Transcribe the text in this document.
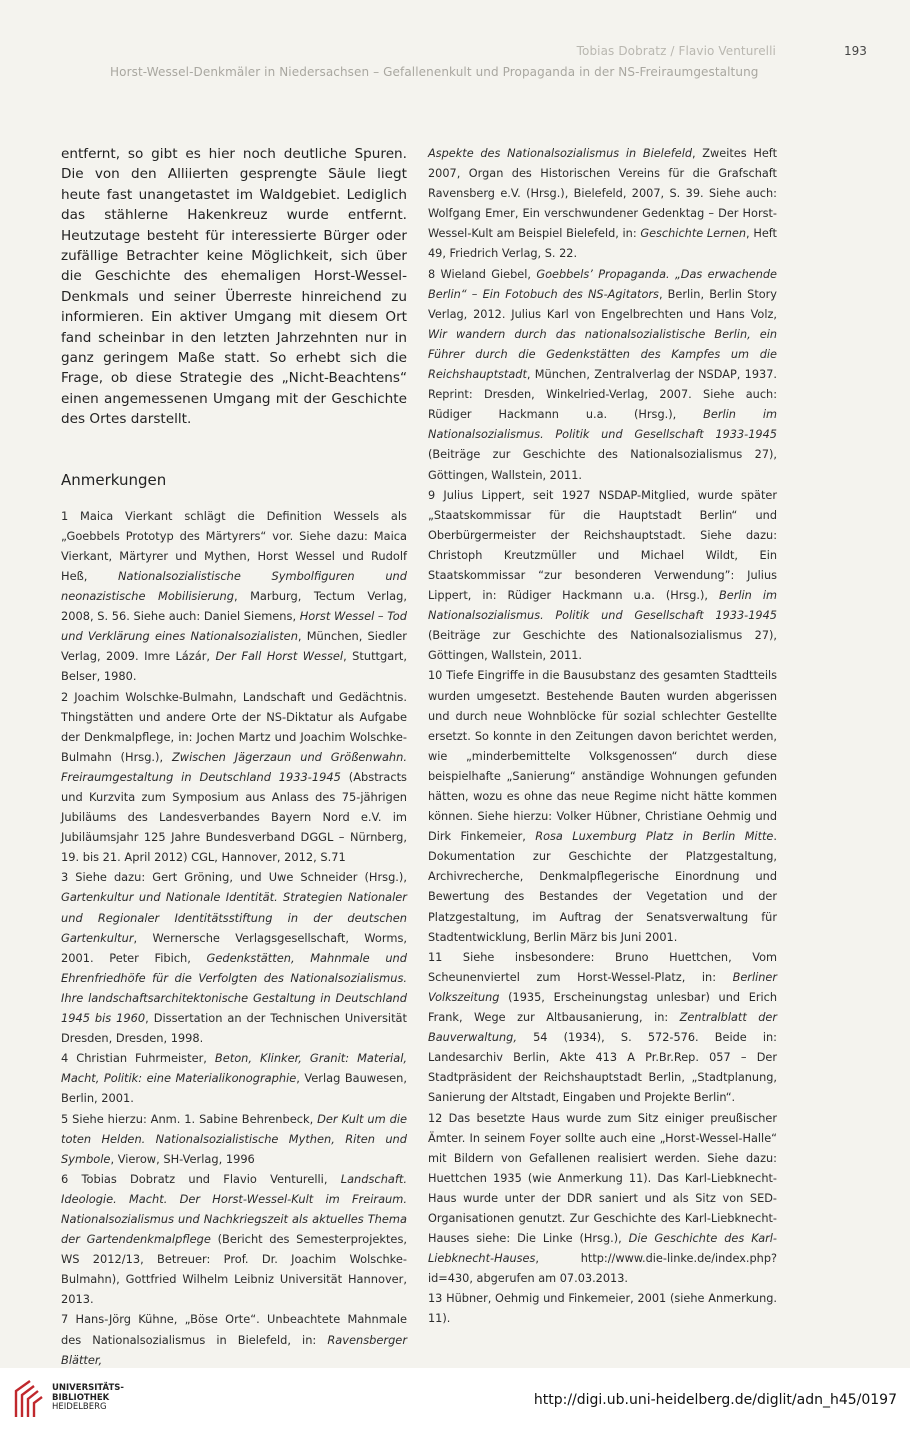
Tobias Dobratz / Flavio Venturelli	193
Horst-Wessel-Denkmäler in Niedersachsen – Gefallenenkult und Propaganda in der NS-Freiraumgestaltung

entfernt, so gibt es hier noch deutliche Spuren. Die von den Alliierten gesprengte Säule liegt heute fast unangetastet im Waldgebiet. Lediglich das stählerne Hakenkreuz wurde entfernt. Heutzutage besteht für interessierte Bürger oder zufällige Betrachter keine Möglichkeit, sich über die Geschichte des ehemaligen Horst-Wessel-Denkmals und seiner Überreste hinreichend zu informieren. Ein aktiver Umgang mit diesem Ort fand scheinbar in den letzten Jahrzehnten nur in ganz geringem Maße statt. So erhebt sich die Frage, ob diese Strategie des „Nicht-Beachtens“ einen angemessenen Umgang mit der Geschichte des Ortes darstellt.

Anmerkungen

1 Maica Vierkant schlägt die Definition Wessels als „Goebbels Prototyp des Märtyrers“ vor. Siehe dazu: Maica Vierkant, Märtyrer und Mythen, Horst Wessel und Rudolf Heß, Nationalsozialistische Symbolfiguren und neonazistische Mobilisierung, Marburg, Tectum Verlag, 2008, S. 56. Siehe auch: Daniel Siemens, Horst Wessel – Tod und Verklärung eines Nationalsozialisten, München, Siedler Verlag, 2009. Imre Lázár, Der Fall Horst Wessel, Stuttgart, Belser, 1980.

2 Joachim Wolschke-Bulmahn, Landschaft und Gedächtnis. Thingstätten und andere Orte der NS-Diktatur als Aufgabe der Denkmalpflege, in: Jochen Martz und Joachim Wolschke-Bulmahn (Hrsg.), Zwischen Jägerzaun und Größenwahn. Freiraumgestaltung in Deutschland 1933-1945 (Abstracts und Kurzvita zum Symposium aus Anlass des 75-jährigen Jubiläums des Landesverbandes Bayern Nord e.V. im Jubiläumsjahr 125 Jahre Bundesverband DGGL – Nürnberg, 19. bis 21. April 2012) CGL, Hannover, 2012, S.71

3 Siehe dazu: Gert Gröning, und Uwe Schneider (Hrsg.), Gartenkultur und Nationale Identität. Strategien Nationaler und Regionaler Identitätsstiftung in der deutschen Gartenkultur, Wernersche Verlagsgesellschaft, Worms, 2001. Peter Fibich, Gedenkstätten, Mahnmale und Ehrenfriedhöfe für die Verfolgten des Nationalsozialismus. Ihre landschaftsarchitektonische Gestaltung in Deutschland 1945 bis 1960, Dissertation an der Technischen Universität Dresden, Dresden, 1998.

4 Christian Fuhrmeister, Beton, Klinker, Granit: Material, Macht, Politik: eine Materialikonographie, Verlag Bauwesen, Berlin, 2001.

5 Siehe hierzu: Anm. 1. Sabine Behrenbeck, Der Kult um die toten Helden. Nationalsozialistische Mythen, Riten und Symbole, Vierow, SH-Verlag, 1996

6 Tobias Dobratz und Flavio Venturelli, Landschaft. Ideologie. Macht. Der Horst-Wessel-Kult im Freiraum. Nationalsozialismus und Nachkriegszeit als aktuelles Thema der Gartendenkmalpflege (Bericht des Semesterprojektes, WS 2012/13, Betreuer: Prof. Dr. Joachim Wolschke-Bulmahn), Gottfried Wilhelm Leibniz Universität Hannover, 2013.

7 Hans-Jörg Kühne, „Böse Orte“. Unbeachtete Mahnmale des Nationalsozialismus in Bielefeld, in: Ravensberger Blätter,

Aspekte des Nationalsozialismus in Bielefeld, Zweites Heft 2007, Organ des Historischen Vereins für die Grafschaft Ravensberg e.V. (Hrsg.), Bielefeld, 2007, S. 39. Siehe auch: Wolfgang Emer, Ein verschwundener Gedenktag – Der Horst-Wessel-Kult am Beispiel Bielefeld, in: Geschichte Lernen, Heft 49, Friedrich Verlag, S. 22.

8 Wieland Giebel, Goebbels’ Propaganda. „Das erwachende Berlin“ – Ein Fotobuch des NS-Agitators, Berlin, Berlin Story Verlag, 2012. Julius Karl von Engelbrechten und Hans Volz, Wir wandern durch das nationalsozialistische Berlin, ein Führer durch die Gedenkstätten des Kampfes um die Reichshauptstadt, München, Zentralverlag der NSDAP, 1937. Reprint: Dresden, Winkelried-Verlag, 2007. Siehe auch: Rüdiger Hackmann u.a. (Hrsg.), Berlin im Nationalsozialismus. Politik und Gesellschaft 1933-1945 (Beiträge zur Geschichte des Nationalsozialismus 27), Göttingen, Wallstein, 2011.

9 Julius Lippert, seit 1927 NSDAP-Mitglied, wurde später „Staatskommissar für die Hauptstadt Berlin“ und Oberbürgermeister der Reichshauptstadt. Siehe dazu: Christoph Kreutzmüller und Michael Wildt, Ein Staatskommissar “zur besonderen Verwendung”: Julius Lippert, in: Rüdiger Hackmann u.a. (Hrsg.), Berlin im Nationalsozialismus. Politik und Gesellschaft 1933-1945 (Beiträge zur Geschichte des Nationalsozialismus 27), Göttingen, Wallstein, 2011.

10 Tiefe Eingriffe in die Bausubstanz des gesamten Stadtteils wurden umgesetzt. Bestehende Bauten wurden abgerissen und durch neue Wohnblöcke für sozial schlechter Gestellte ersetzt. So konnte in den Zeitungen davon berichtet werden, wie „minderbemittelte Volksgenossen“ durch diese beispielhafte „Sanierung“ anständige Wohnungen gefunden hätten, wozu es ohne das neue Regime nicht hätte kommen können. Siehe hierzu: Volker Hübner, Christiane Oehmig und Dirk Finkemeier, Rosa Luxemburg Platz in Berlin Mitte. Dokumentation zur Geschichte der Platzgestaltung, Archivrecherche, Denkmalpflegerische Einordnung und Bewertung des Bestandes der Vegetation und der Platzgestaltung, im Auftrag der Senatsverwaltung für Stadtentwicklung, Berlin März bis Juni 2001.

11 Siehe insbesondere: Bruno Huettchen, Vom Scheunenviertel zum Horst-Wessel-Platz, in: Berliner Volkszeitung (1935, Erscheinungstag unlesbar) und Erich Frank, Wege zur Altbausanierung, in: Zentralblatt der Bauverwaltung, 54 (1934), S. 572-576. Beide in: Landesarchiv Berlin, Akte 413 A Pr.Br.Rep. 057 – Der Stadtpräsident der Reichshauptstadt Berlin, „Stadtplanung, Sanierung der Altstadt, Eingaben und Projekte Berlin“.

12 Das besetzte Haus wurde zum Sitz einiger preußischer Ämter. In seinem Foyer sollte auch eine „Horst-Wessel-Halle“ mit Bildern von Gefallenen realisiert werden. Siehe dazu: Huettchen 1935 (wie Anmerkung 11). Das Karl-Liebknecht-Haus wurde unter der DDR saniert und als Sitz von SED-Organisationen genutzt. Zur Geschichte des Karl-Liebknecht-Hauses siehe: Die Linke (Hrsg.), Die Geschichte des Karl-Liebknecht-Hauses, http://www.die-linke.de/index.php?id=430, abgerufen am 07.03.2013.

13 Hübner, Oehmig und Finkemeier, 2001 (siehe Anmerkung. 11).

UNIVERSITÄTS-
BIBLIOTHEK
HEIDELBERG	http://digi.ub.uni-heidelberg.de/diglit/adn_h45/0197
